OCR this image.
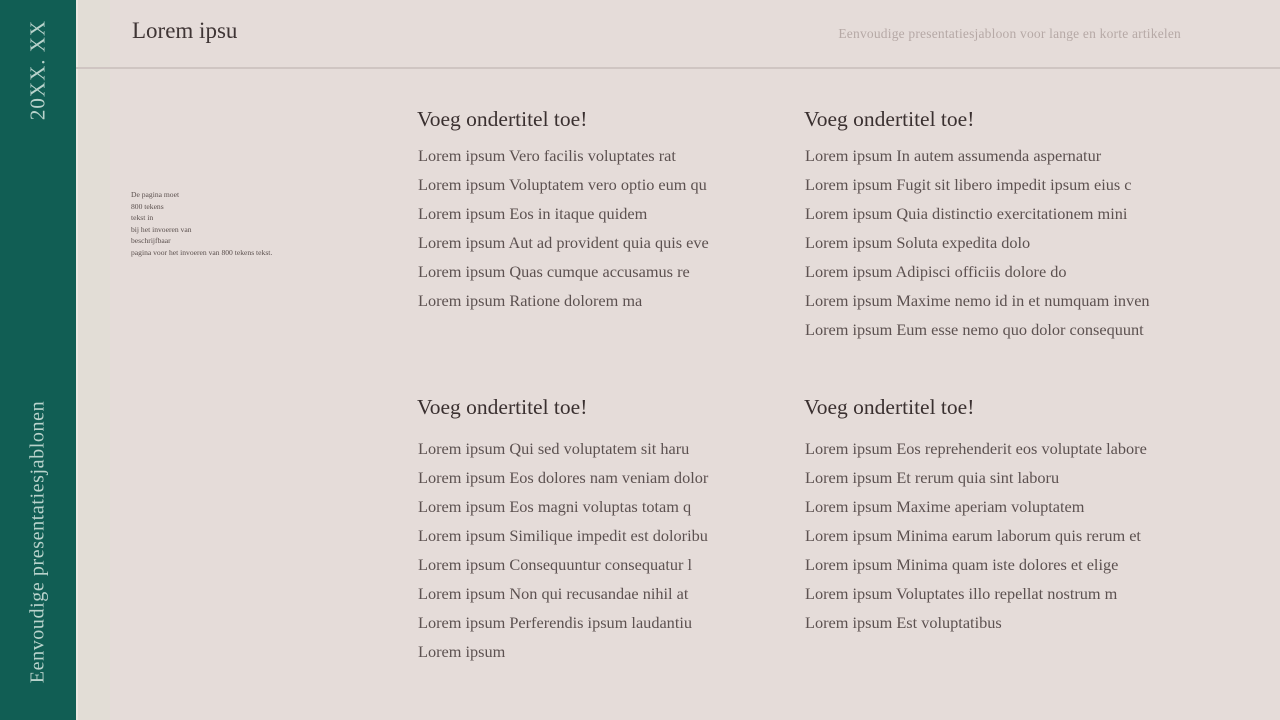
20XX. XX
Eenvoudige presentatiesjablonen
Lorem ipsu	Eenvoudige presentatiesjabloon voor lange en korte artikelen
De pagina moet
800 tekens
tekst in
bij het invoeren van
beschrijfbaar
pagina voor het invoeren van 800 tekens tekst.
Voeg ondertitel toe!
Lorem ipsum Vero facilis voluptates rat
Lorem ipsum Voluptatem vero optio eum qu
Lorem ipsum Eos in itaque quidem
Lorem ipsum Aut ad provident quia quis eve
Lorem ipsum Quas cumque accusamus re
Lorem ipsum Ratione dolorem ma
Voeg ondertitel toe!
Lorem ipsum In autem assumenda aspernatur
Lorem ipsum Fugit sit libero impedit ipsum eius c
Lorem ipsum Quia distinctio exercitationem mini
Lorem ipsum Soluta expedita dolo
Lorem ipsum Adipisci officiis dolore do
Lorem ipsum Maxime nemo id in et numquam inven
Lorem ipsum Eum esse nemo quo dolor consequunt
Voeg ondertitel toe!
Lorem ipsum Qui sed voluptatem sit haru
Lorem ipsum Eos dolores nam veniam dolor
Lorem ipsum Eos magni voluptas totam q
Lorem ipsum Similique impedit est doloribu
Lorem ipsum Consequuntur consequatur l
Lorem ipsum Non qui recusandae nihil at
Lorem ipsum Perferendis ipsum laudantiu
Lorem ipsum
Voeg ondertitel toe!
Lorem ipsum Eos reprehenderit eos voluptate labore
Lorem ipsum Et rerum quia sint laboru
Lorem ipsum Maxime aperiam voluptatem
Lorem ipsum Minima earum laborum quis rerum et
Lorem ipsum Minima quam iste dolores et elige
Lorem ipsum Voluptates illo repellat nostrum m
Lorem ipsum Est voluptatibus
